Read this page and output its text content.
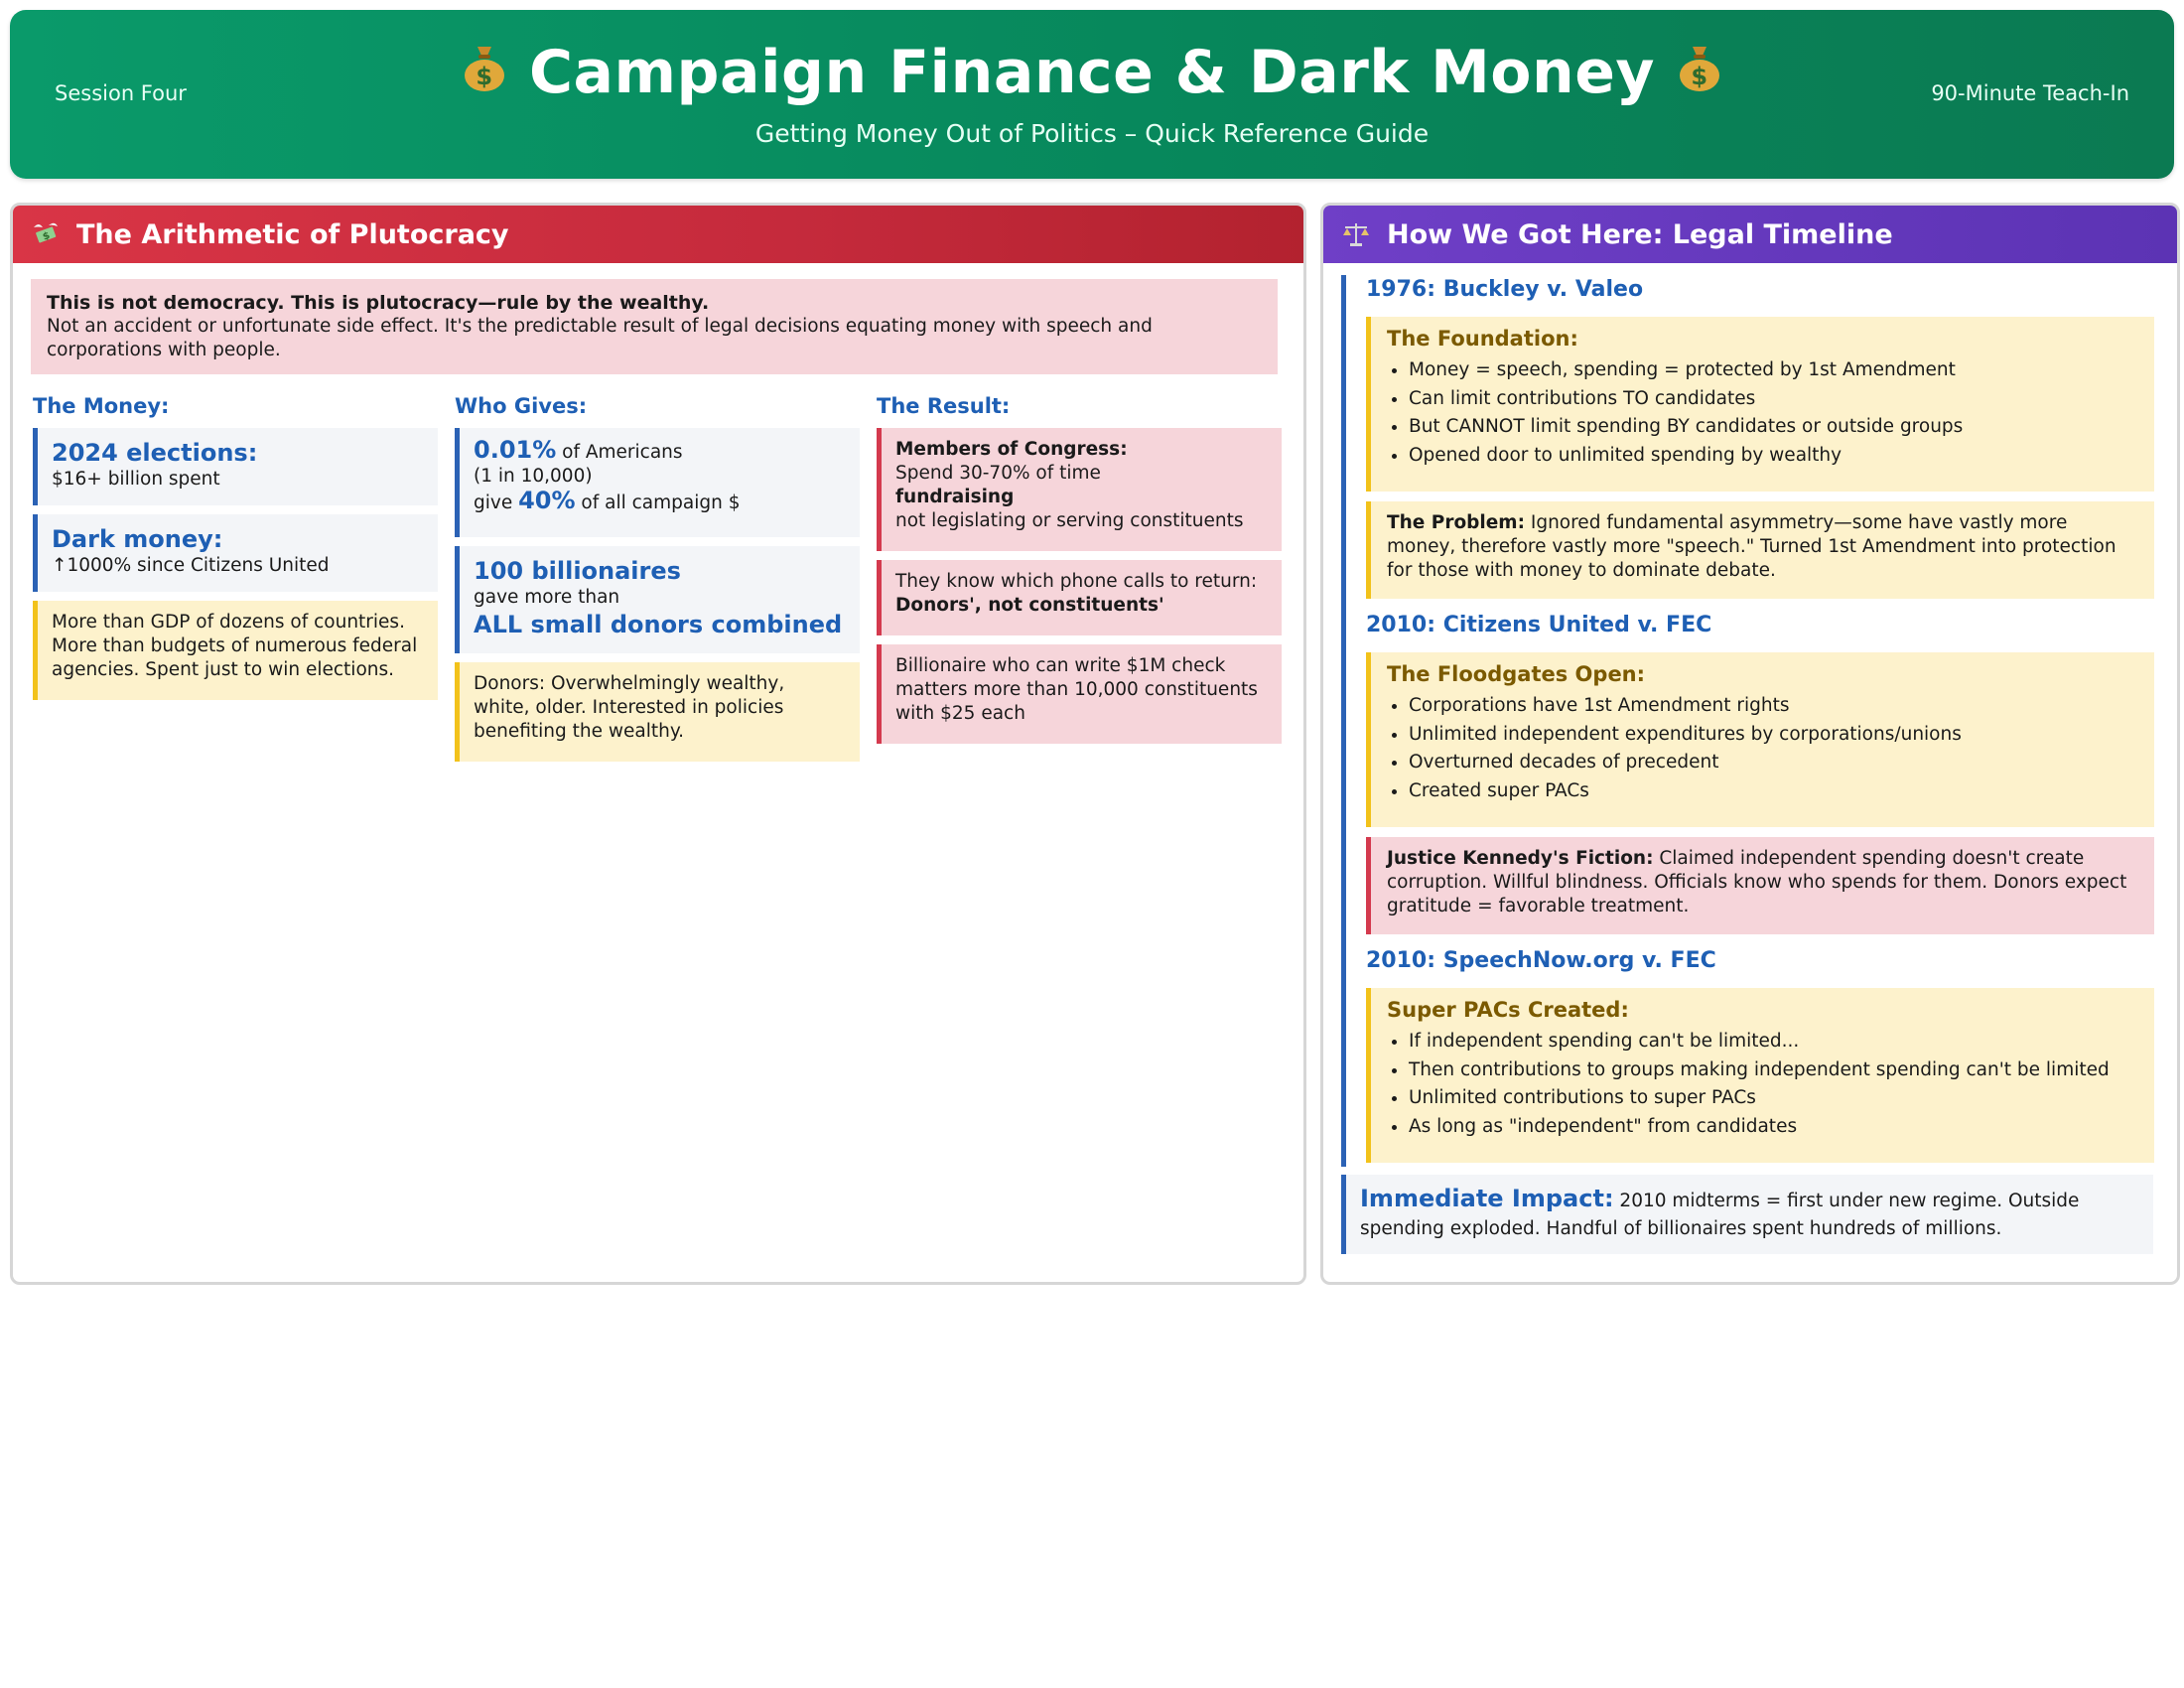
Session Four
$ Campaign Finance & Dark Money $
Getting Money Out of Politics – Quick Reference Guide
90-Minute Teach-In
$ The Arithmetic of Plutocracy
This is not democracy. This is plutocracy—rule by the wealthy.
Not an accident or unfortunate side effect. It's the predictable result of legal decisions equating money with speech and corporations with people.
The Money:
2024 elections:
$16+ billion spent
Dark money:
↑1000% since Citizens United
More than GDP of dozens of countries. More than budgets of numerous federal agencies. Spent just to win elections.
Who Gives:
0.01% of Americans
(1 in 10,000)
give 40% of all campaign $
100 billionaires
gave more than
ALL small donors combined
Donors: Overwhelmingly wealthy, white, older. Interested in policies benefiting the wealthy.
The Result:
Members of Congress:
Spend 30-70% of time
fundraising
not legislating or serving constituents
They know which phone calls to return:
Donors', not constituents'
Billionaire who can write $1M check matters more than 10,000 constituents with $25 each
How We Got Here: Legal Timeline
1976: Buckley v. Valeo
The Foundation:
• Money = speech, spending = protected by 1st Amendment
• Can limit contributions TO candidates
• But CANNOT limit spending BY candidates or outside groups
• Opened door to unlimited spending by wealthy
The Problem: Ignored fundamental asymmetry—some have vastly more money, therefore vastly more "speech." Turned 1st Amendment into protection for those with money to dominate debate.
2010: Citizens United v. FEC
The Floodgates Open:
• Corporations have 1st Amendment rights
• Unlimited independent expenditures by corporations/unions
• Overturned decades of precedent
• Created super PACs
Justice Kennedy's Fiction: Claimed independent spending doesn't create corruption. Willful blindness. Officials know who spends for them. Donors expect gratitude = favorable treatment.
2010: SpeechNow.org v. FEC
Super PACs Created:
• If independent spending can't be limited...
• Then contributions to groups making independent spending can't be limited
• Unlimited contributions to super PACs
• As long as "independent" from candidates
Immediate Impact: 2010 midterms = first under new regime. Outside spending exploded. Handful of billionaires spent hundreds of millions.
